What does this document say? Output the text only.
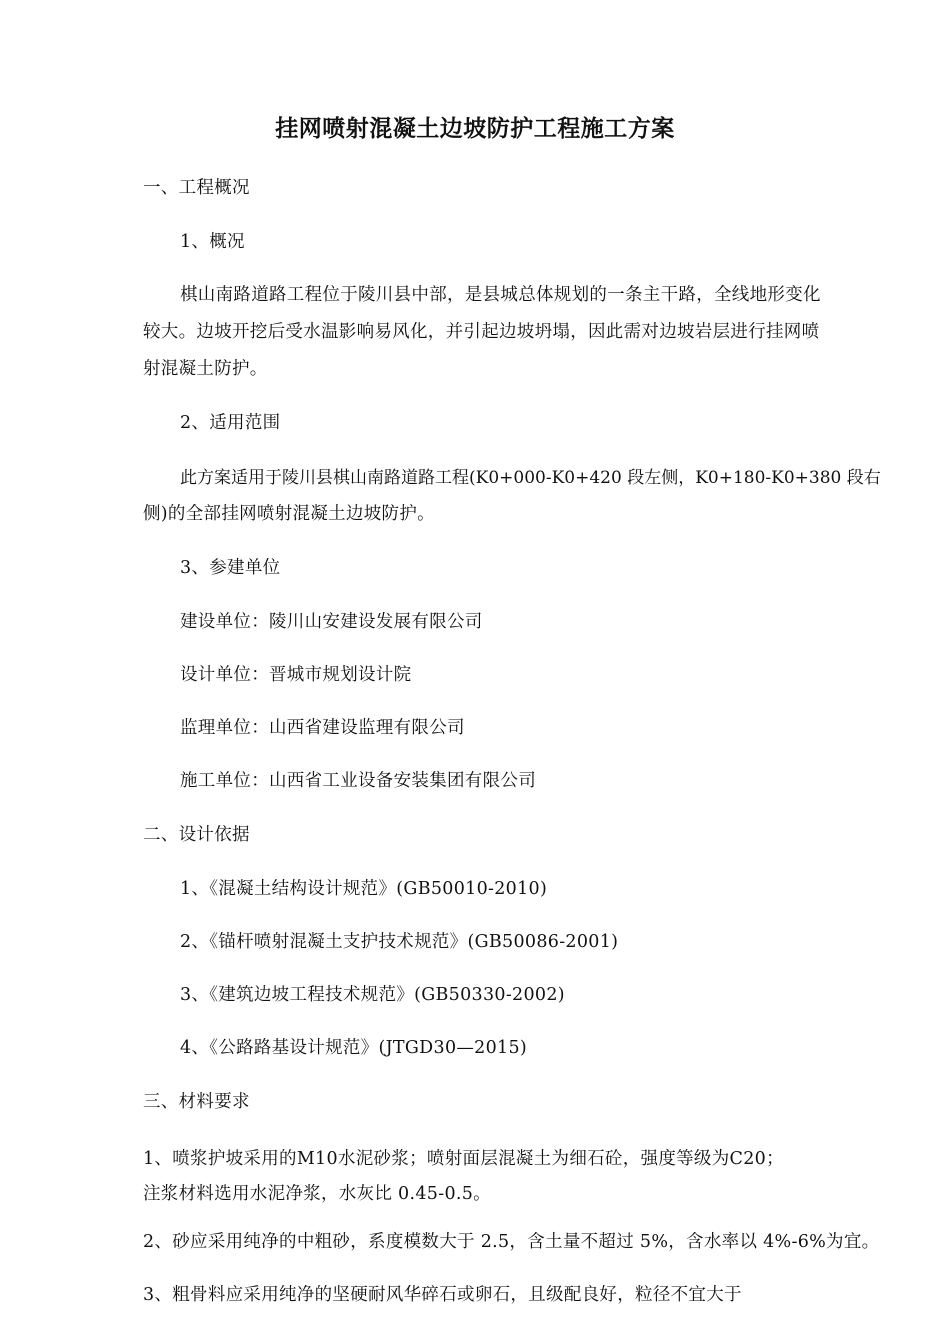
挂网喷射混凝土边坡防护工程施工方案

一、工程概况

1、概况

棋山南路道路工程位于陵川县中部，是县城总体规划的一条主干路，全线地形变化

较大。边坡开挖后受水温影响易风化，并引起边坡坍塌，因此需对边坡岩层进行挂网喷

射混凝土防护。

2、适用范围

此方案适用于陵川县棋山南路道路工程(K0+000-K0+420 段左侧，K0+180-K0+380 段右

侧)的全部挂网喷射混凝土边坡防护。

3、参建单位

建设单位：陵川山安建设发展有限公司

设计单位：晋城市规划设计院

监理单位：山西省建设监理有限公司

施工单位：山西省工业设备安装集团有限公司

二、设计依据

1、《混凝土结构设计规范》(GB50010-2010)

2、《锚杆喷射混凝土支护技术规范》(GB50086-2001)

3、《建筑边坡工程技术规范》(GB50330-2002)

4、《公路路基设计规范》(JTGD30—2015)

三、材料要求

1、喷浆护坡采用的M10水泥砂浆；喷射面层混凝土为细石砼，强度等级为C20；

注浆材料选用水泥净浆，水灰比 0.45-0.5。

2、砂应采用纯净的中粗砂，系度模数大于 2.5，含土量不超过 5%，含水率以 4%-6%为宜。

3、粗骨料应采用纯净的坚硬耐风华碎石或卵石，且级配良好，粒径不宜大于
